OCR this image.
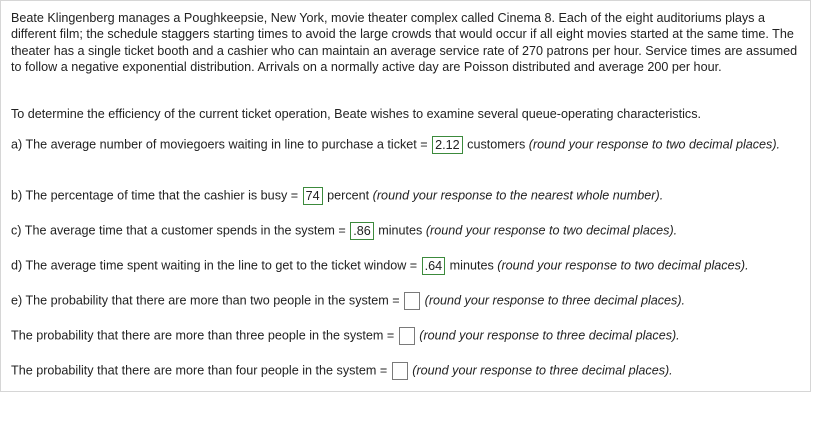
Beate Klingenberg manages a Poughkeepsie, New York, movie theater complex called Cinema 8. Each of the eight auditoriums plays a different film; the schedule staggers starting times to avoid the large crowds that would occur if all eight movies started at the same time. The theater has a single ticket booth and a cashier who can maintain an average service rate of 270 patrons per hour. Service times are assumed to follow a negative exponential distribution. Arrivals on a normally active day are Poisson distributed and average 200 per hour.

To determine the efficiency of the current ticket operation, Beate wishes to examine several queue-operating characteristics.

a) The average number of moviegoers waiting in line to purchase a ticket = 2.12 customers (round your response to two decimal places).

b) The percentage of time that the cashier is busy = 74 percent (round your response to the nearest whole number).

c) The average time that a customer spends in the system = .86 minutes (round your response to two decimal places).

d) The average time spent waiting in the line to get to the ticket window = .64 minutes (round your response to two decimal places).

e) The probability that there are more than two people in the system =  (round your response to three decimal places).

The probability that there are more than three people in the system =  (round your response to three decimal places).

The probability that there are more than four people in the system =  (round your response to three decimal places).
